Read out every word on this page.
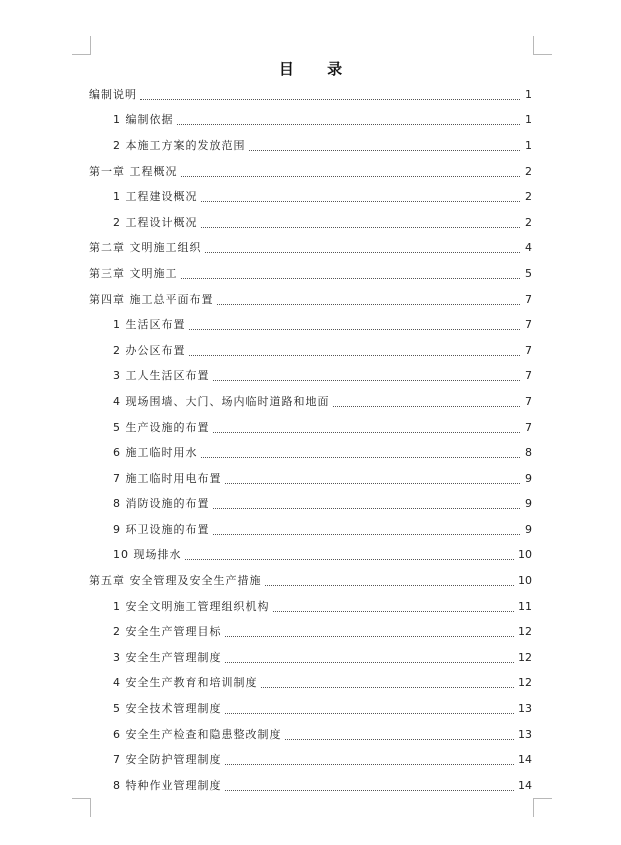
目 录
编制说明	1
1 编制依据	1
2 本施工方案的发放范围	1
第一章 工程概况	2
1 工程建设概况	2
2 工程设计概况	2
第二章 文明施工组织	4
第三章 文明施工	5
第四章 施工总平面布置	7
1 生活区布置	7
2 办公区布置	7
3 工人生活区布置	7
4 现场围墙、大门、场内临时道路和地面	7
5 生产设施的布置	7
6 施工临时用水	8
7 施工临时用电布置	9
8 消防设施的布置	9
9 环卫设施的布置	9
10 现场排水	10
第五章 安全管理及安全生产措施	10
1 安全文明施工管理组织机构	11
2 安全生产管理目标	12
3 安全生产管理制度	12
4 安全生产教育和培训制度	12
5 安全技术管理制度	13
6 安全生产检查和隐患整改制度	13
7 安全防护管理制度	14
8 特种作业管理制度	14
